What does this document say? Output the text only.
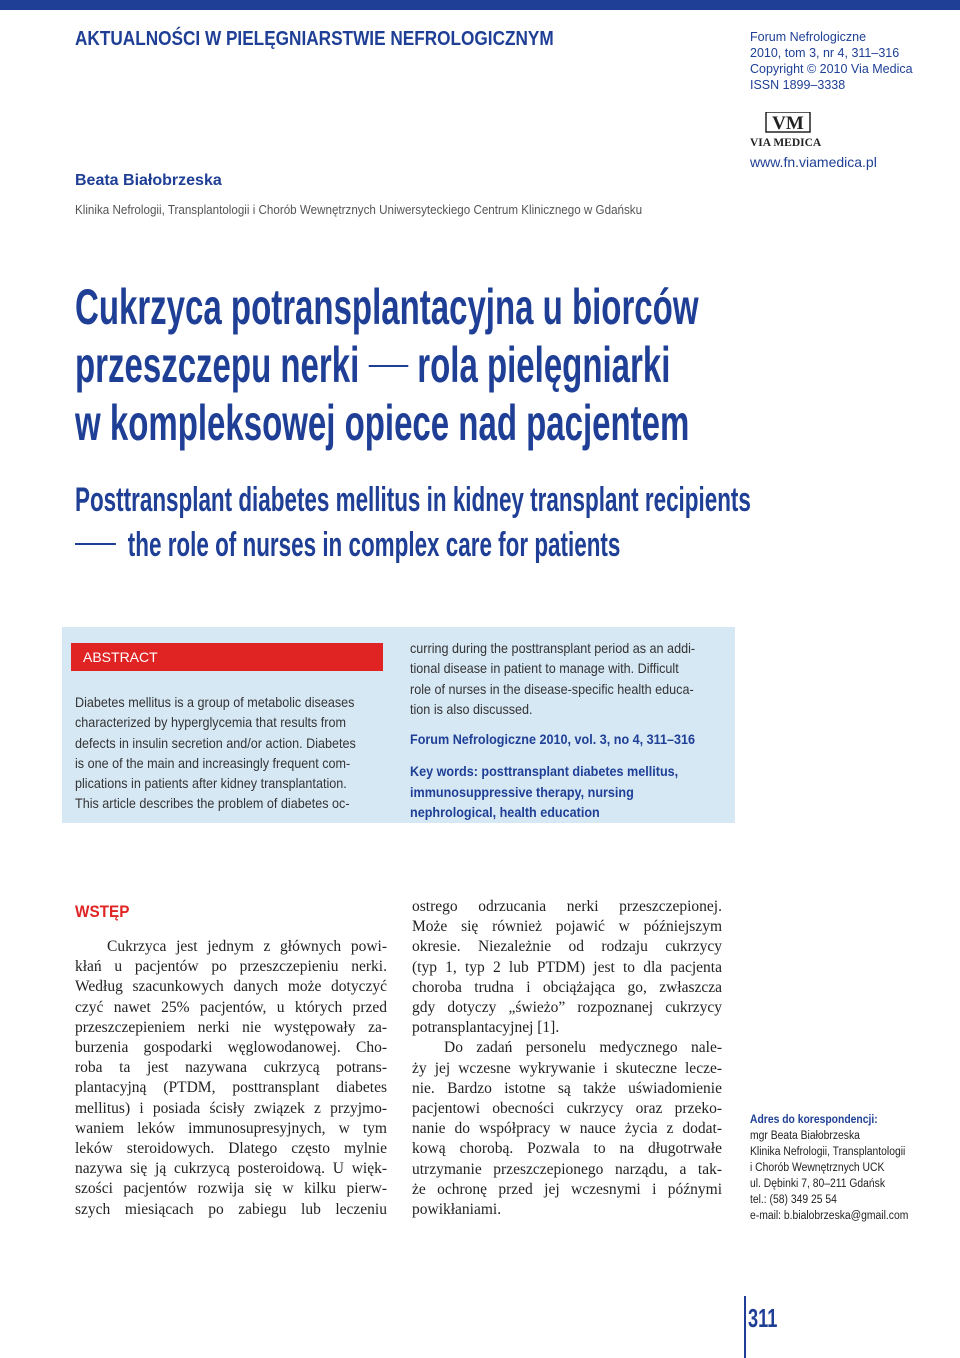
AKTUALNOŚCI W PIELĘGNIARSTWIE NEFROLOGICZNYM	Forum Nefrologiczne
2010, tom 3, nr 4, 311–316
Copyright © 2010 Via Medica
ISSN 1899–3338
VM
VIA MEDICA
www.fn.viamedica.pl
Beata Białobrzeska
Klinika Nefrologii, Transplantologii i Chorób Wewnętrznych Uniwersyteckiego Centrum Klinicznego w Gdańsku
Cukrzyca potransplantacyjna u biorców
przeszczepu nerki rola pielęgniarki
w kompleksowej opiece nad pacjentem
Posttransplant diabetes mellitus in kidney transplant recipients
the role of nurses in complex care for patients
ABSTRACT
Diabetes mellitus is a group of metabolic diseases
characterized by hyperglycemia that results from
defects in insulin secretion and/or action. Diabetes
is one of the main and increasingly frequent com-
plications in patients after kidney transplantation.
This article describes the problem of diabetes oc-
curring during the posttransplant period as an addi-
tional disease in patient to manage with. Difficult
role of nurses in the disease-specific health educa-
tion is also discussed.
Forum Nefrologiczne 2010, vol. 3, no 4, 311–316
Key words: posttransplant diabetes mellitus,
immunosuppressive therapy, nursing
nephrological, health education
WSTĘP
Cukrzyca jest jednym z głównych powi-
kłań u pacjentów po przeszczepieniu nerki.
Według szacunkowych danych może dotyczyć
czyć nawet 25% pacjentów, u których przed
przeszczepieniem nerki nie występowały za-
burzenia gospodarki węglowodanowej. Cho-
roba ta jest nazywana cukrzycą potrans-
plantacyjną (PTDM, posttransplant diabetes
mellitus) i posiada ścisły związek z przyjmo-
waniem leków immunosupresyjnych, w tym
leków steroidowych. Dlatego często mylnie
nazywa się ją cukrzycą posteroidową. U więk-
szości pacjentów rozwija się w kilku pierw-
szych miesiącach po zabiegu lub leczeniu
ostrego odrzucania nerki przeszczepionej.
Może się również pojawić w późniejszym
okresie. Niezależnie od rodzaju cukrzycy
(typ 1, typ 2 lub PTDM) jest to dla pacjenta
choroba trudna i obciążająca go, zwłaszcza
gdy dotyczy „świeżo” rozpoznanej cukrzycy
potransplantacyjnej [1].
Do zadań personelu medycznego nale-
ży jej wczesne wykrywanie i skuteczne lecze-
nie. Bardzo istotne są także uświadomienie
pacjentowi obecności cukrzycy oraz przeko-
nanie do współpracy w nauce życia z dodat-
kową chorobą. Pozwala to na długotrwałe
utrzymanie przeszczepionego narządu, a tak-
że ochronę przed jej wczesnymi i późnymi
powikłaniami.
Adres do korespondencji:
mgr Beata Białobrzeska
Klinika Nefrologii, Transplantologii
i Chorób Wewnętrznych UCK
ul. Dębinki 7, 80–211 Gdańsk
tel.: (58) 349 25 54
e-mail: b.bialobrzeska@gmail.com
311
